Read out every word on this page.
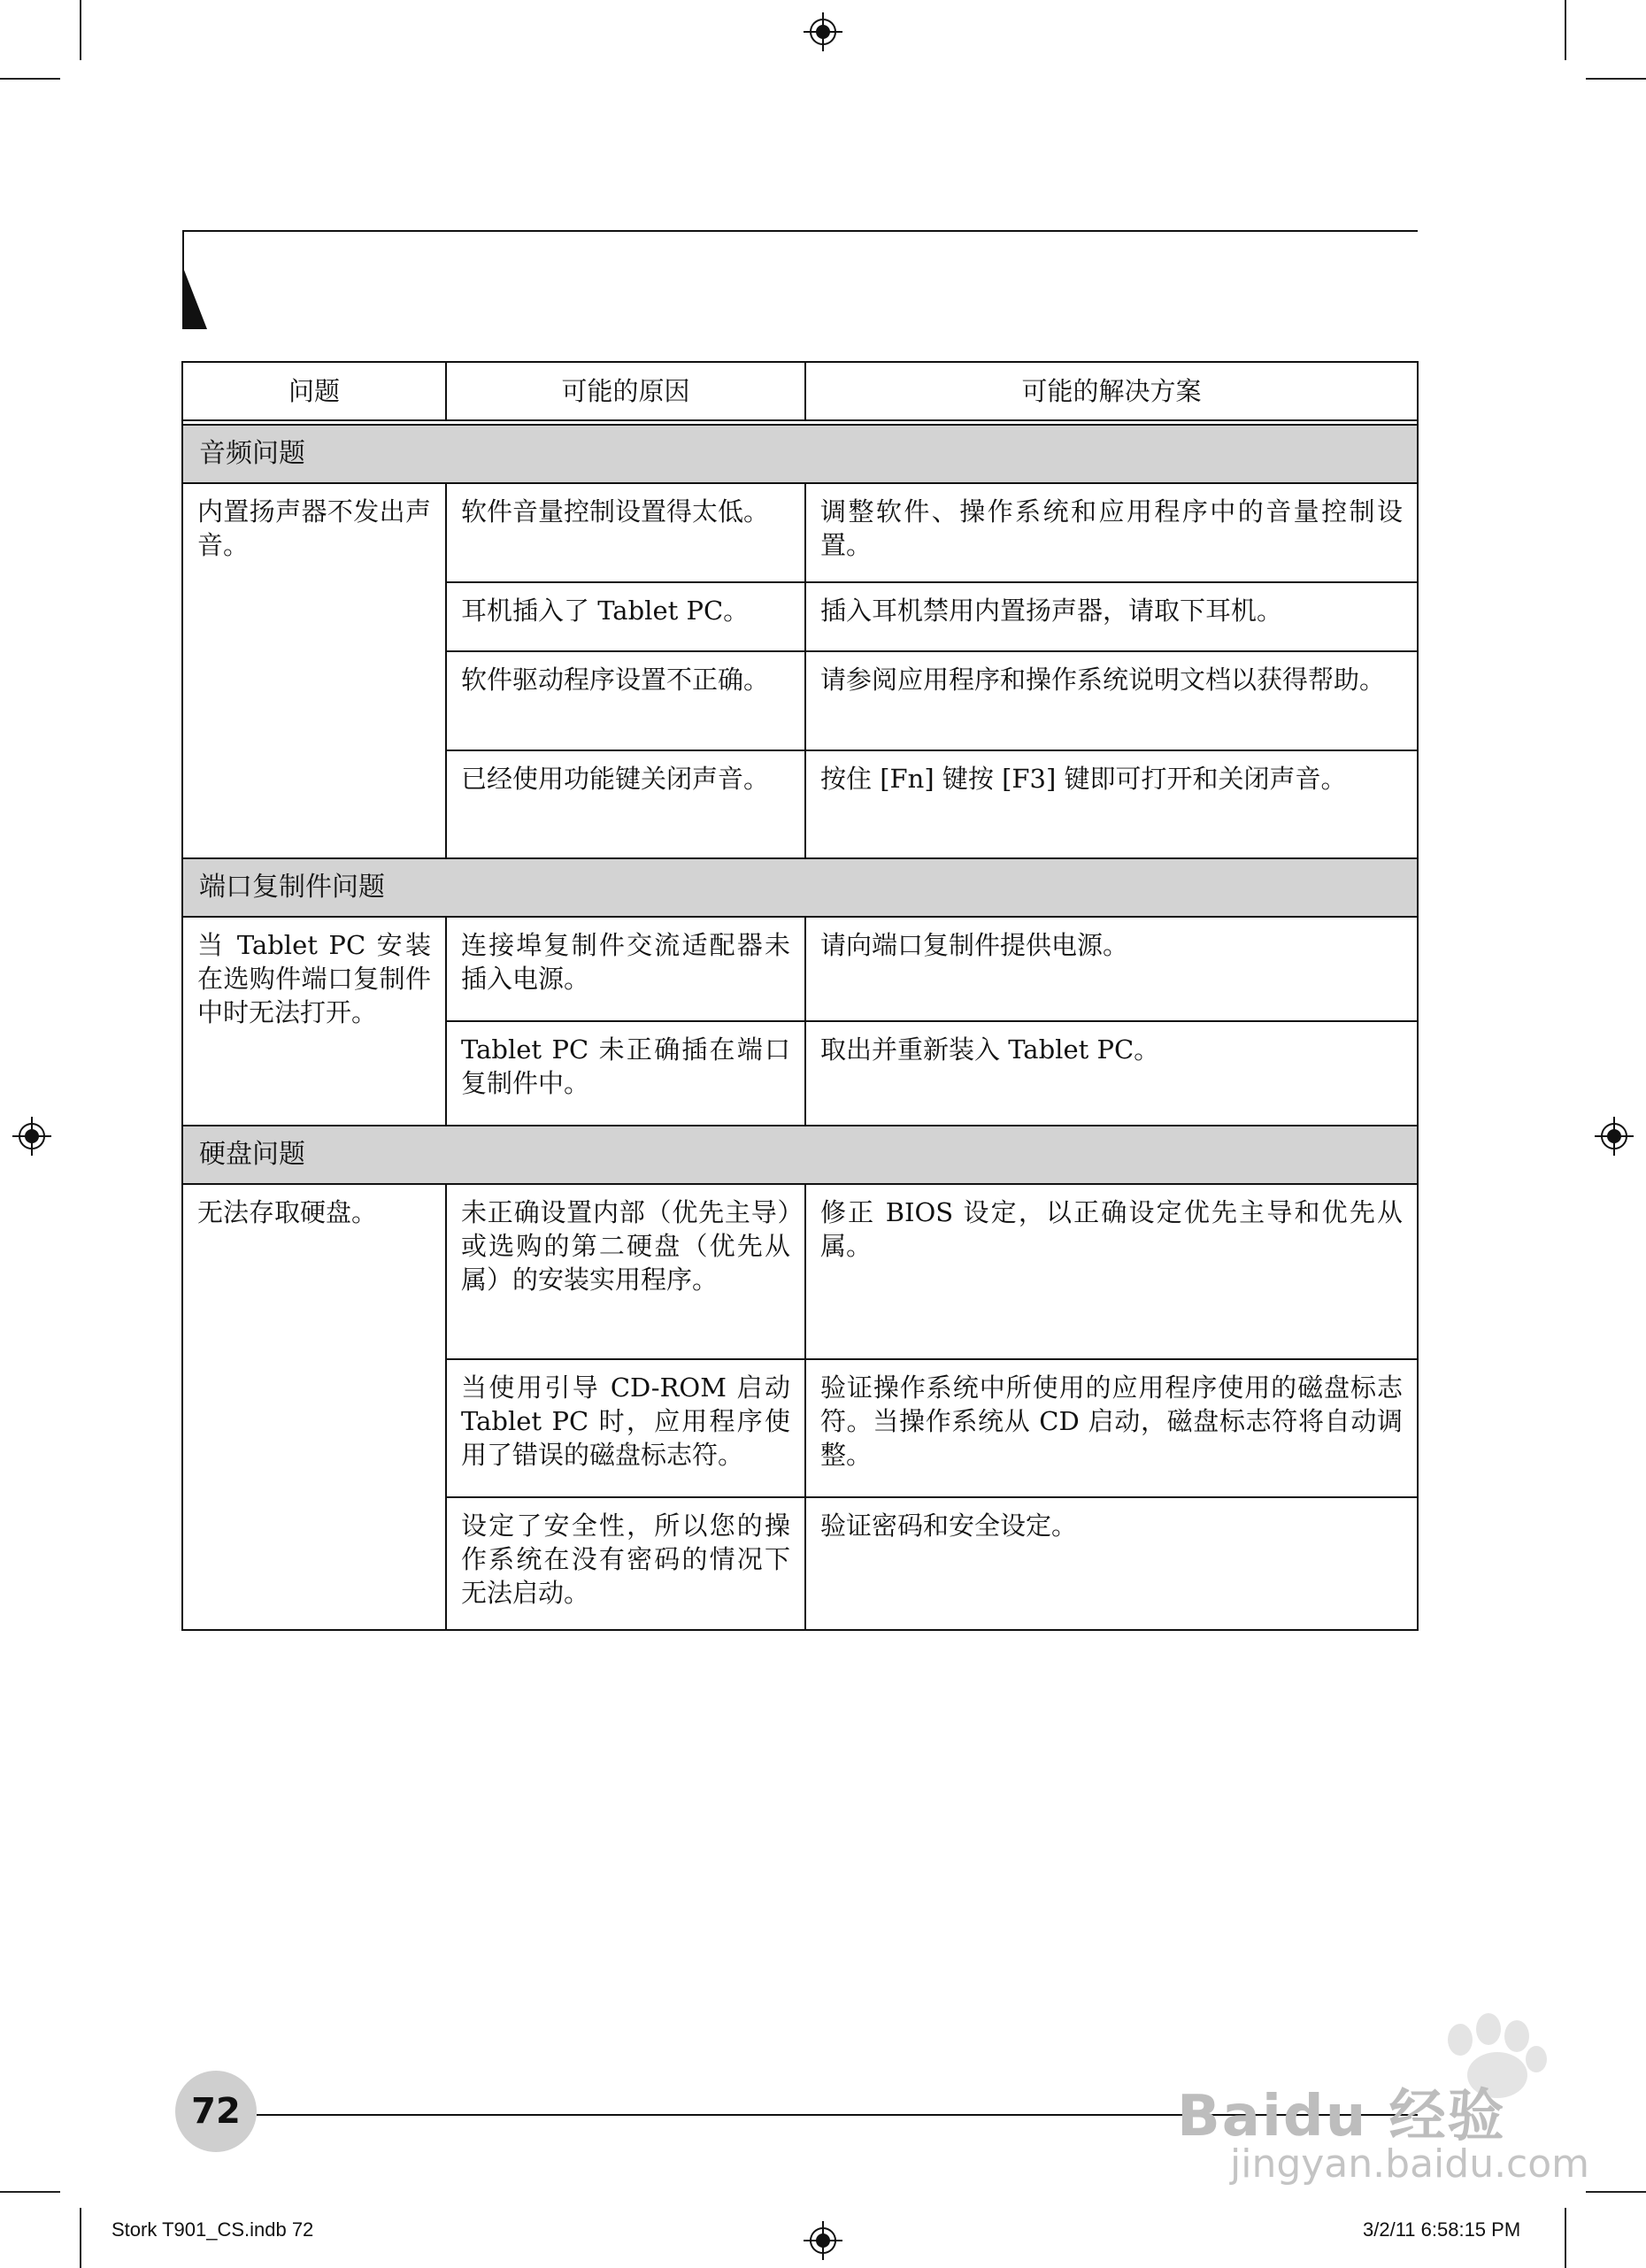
问题	可能的原因	可能的解决方案

音频问题		
内置扬声器不发出声音。	软件音量控制设置得太低。	调整软件、操作系统和应用程序中的音量控制设置。
	耳机插入了 Tablet PC。	插入耳机禁用内置扬声器，请取下耳机。
	软件驱动程序设置不正确。	请参阅应用程序和操作系统说明文档以获得帮助。
	已经使用功能键关闭声音。	按住 [Fn] 键按 [F3] 键即可打开和关闭声音。
端口复制件问题		
当 Tablet PC 安装在选购件端口复制件中时无法打开。	连接埠复制件交流适配器未插入电源。	请向端口复制件提供电源。
	Tablet PC 未正确插在端口复制件中。	取出并重新装入 Tablet PC。
硬盘问题		
无法存取硬盘。	未正确设置内部（优先主导）或选购的第二硬盘（优先从属）的安装实用程序。	修正 BIOS 设定，以正确设定优先主导和优先从属。
	当使用引导 CD-ROM 启动 Tablet PC 时，应用程序使用了错误的磁盘标志符。	验证操作系统中所使用的应用程序使用的磁盘标志符。当操作系统从 CD 启动，磁盘标志符将自动调整。
	设定了安全性，所以您的操作系统在没有密码的情况下无法启动。	验证密码和安全设定。
72	Baidu 经验
jingyan.baidu.com
Stork T901_CS.indb 72	3/2/11 6:58:15 PM
